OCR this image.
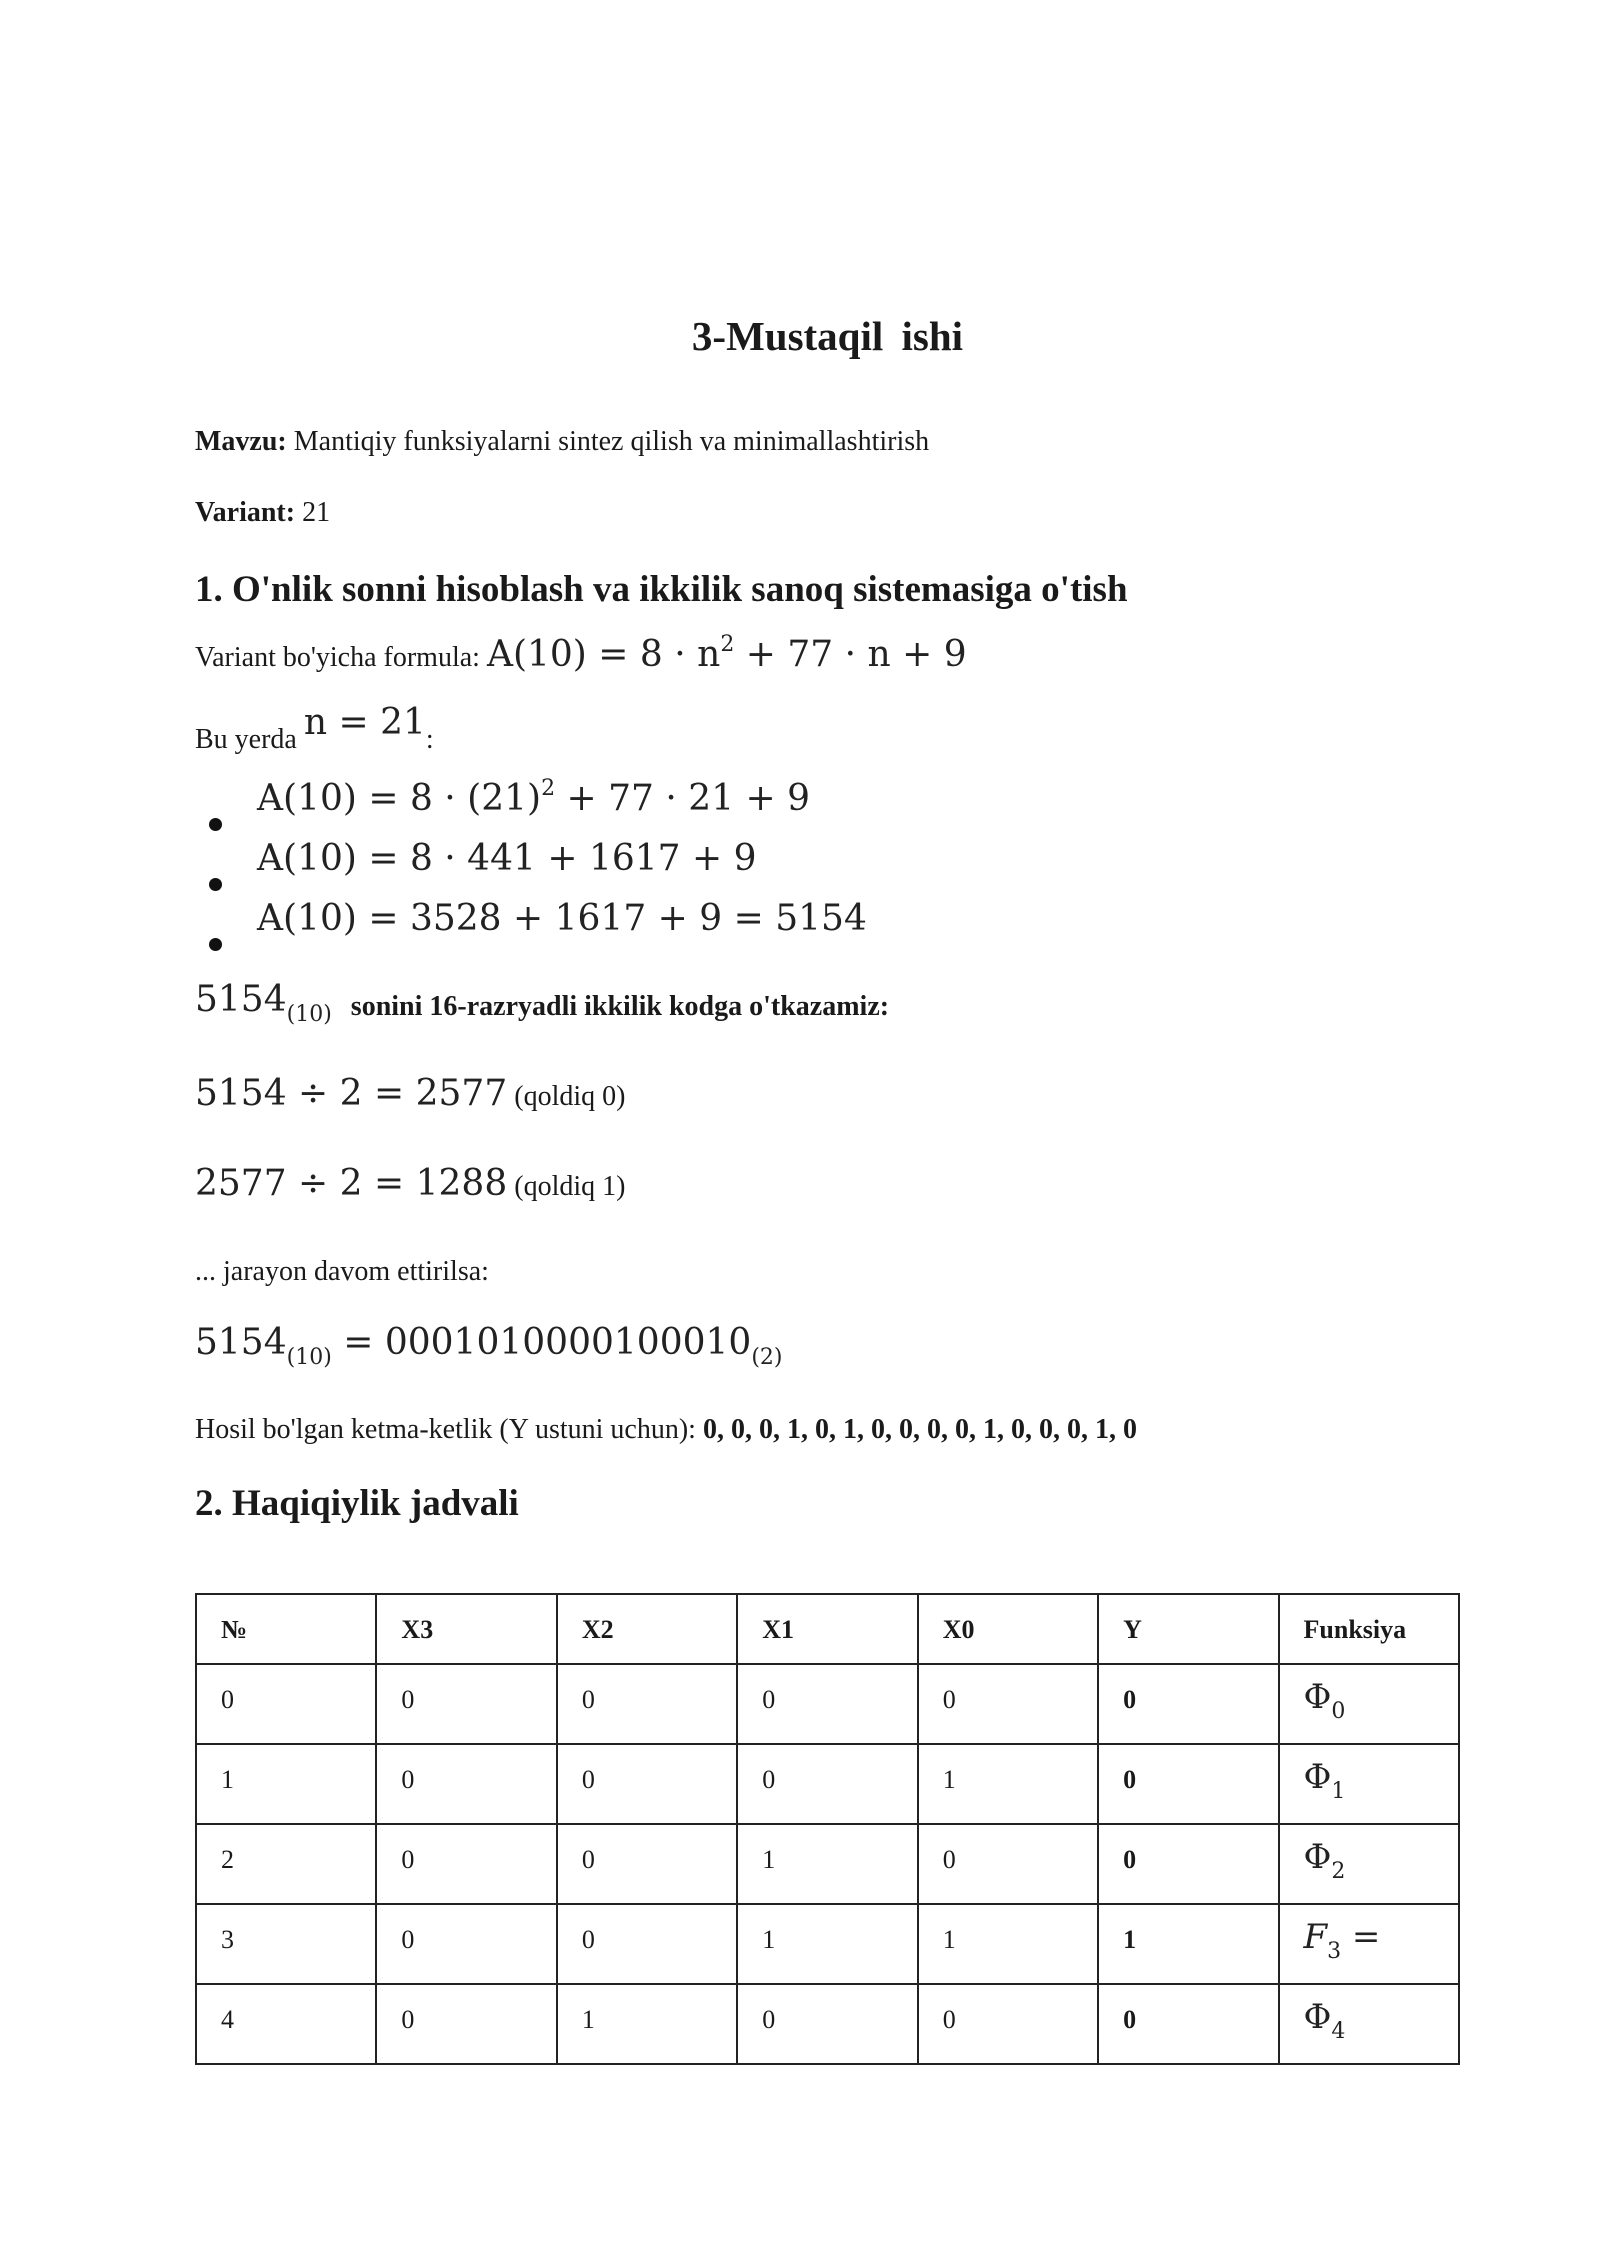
3-Mustaqil ishi
Mavzu: Mantiqiy funksiyalarni sintez qilish va minimallashtirish
Variant: 21
1. O'nlik sonni hisoblash va ikkilik sanoq sistemasiga o'tish
Variant bo'yicha formula: $A(10) = 8 \cdot n^2 + 77 \cdot n + 9$
Bu yerda n = 21:
$A(10) = 8 \cdot (21)^2 + 77 \cdot 21 + 9$
A(10) = 8 · 441 + 1617 + 9
A(10) = 3528 + 1617 + 9 = 5154
$5154_{(10)}$ sonini 16-razryadli ikkilik kodga o'tkazamiz:
5154 ÷ 2 = 2577 (qoldiq 0)
2577 ÷ 2 = 1288 (qoldiq 1)
... jarayon davom ettirilsa:
$5154_{(10)} = 0001010000100010_{(2)}$
Hosil bo'lgan ketma-ketlik (Y ustuni uchun): 0, 0, 0, 1, 0, 1, 0, 0, 0, 0, 1, 0, 0, 0, 1, 0
2. Haqiqiylik jadvali
№	X3	X2	X1	X0	Y	Funksiya
0	0	0	0	0	0	$\Phi_0$
1	0	0	0	1	0	$\Phi_1$
2	0	0	1	0	0	$\Phi_2$
3	0	0	1	1	1	$F_3$ =
4	0	1	0	0	0	$\Phi_4$
